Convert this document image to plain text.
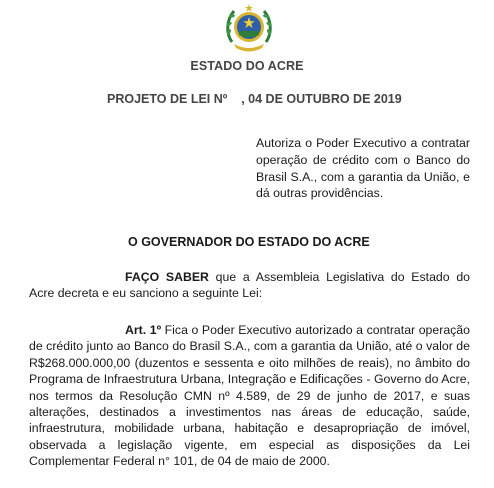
ESTADO DO ACRE
PROJETO DE LEI Nº    , 04 DE OUTUBRO DE 2019
Autoriza o Poder Executivo a contratar operação de crédito com o Banco do Brasil S.A., com a garantia da União, e dá outras providências.
O GOVERNADOR DO ESTADO DO ACRE
FAÇO SABER que a Assembleia Legislativa do Estado do Acre decreta e eu sanciono a seguinte Lei:
Art. 1º Fica o Poder Executivo autorizado a contratar operação de crédito junto ao Banco do Brasil S.A., com a garantia da União, até o valor de R$268.000.000,00 (duzentos e sessenta e oito milhões de reais), no âmbito do Programa de Infraestrutura Urbana, Integração e Edificações - Governo do Acre, nos termos da Resolução CMN nº 4.589, de 29 de junho de 2017, e suas alterações, destinados a investimentos nas áreas de educação, saúde, infraestrutura, mobilidade urbana, habitação e desapropriação de imóvel, observada a legislação vigente, em especial as disposições da Lei Complementar Federal n° 101, de 04 de maio de 2000.
